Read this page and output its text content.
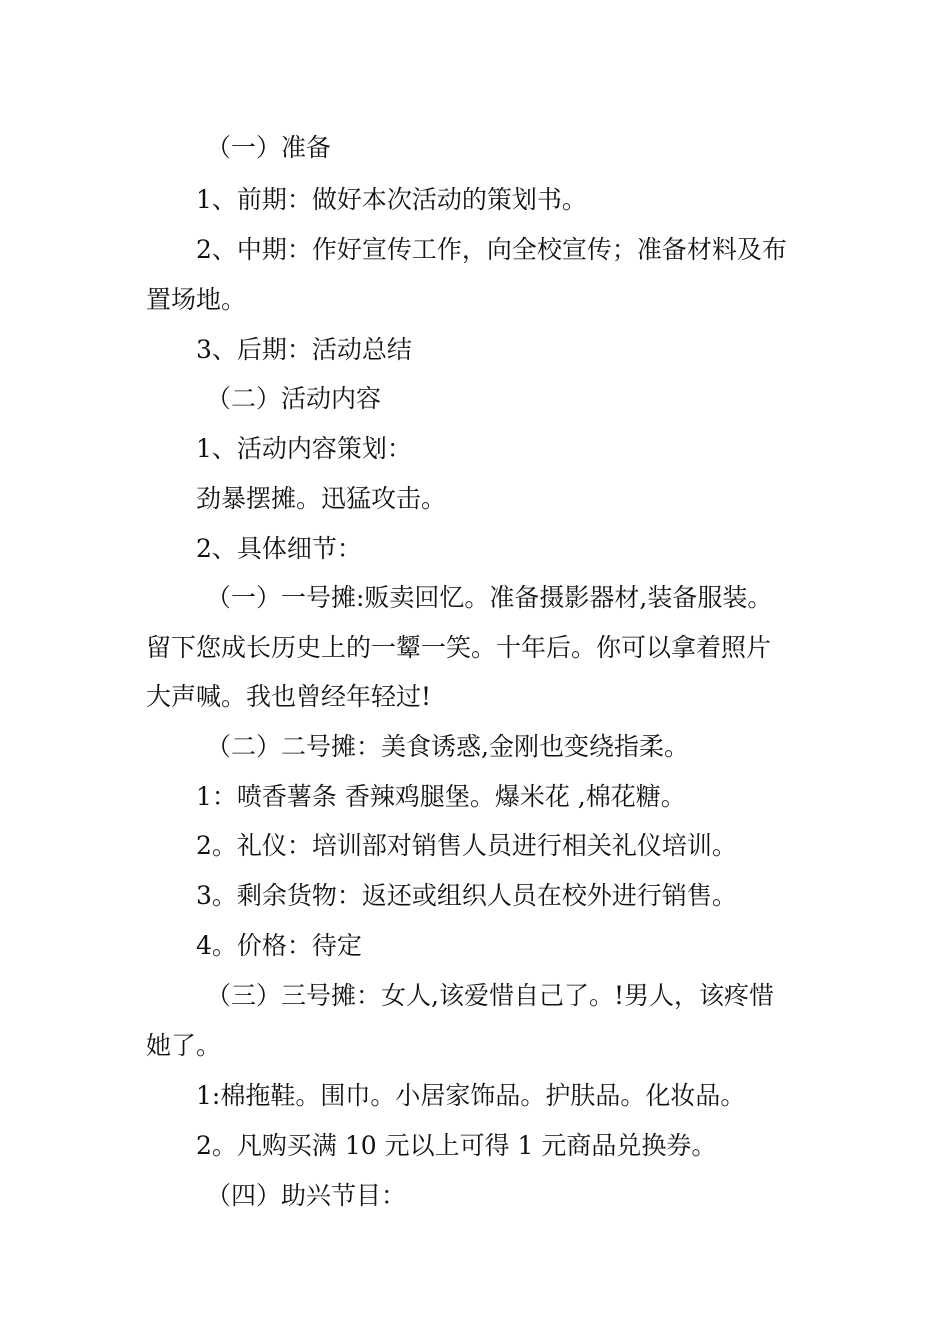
（一）准备

1、前期：做好本次活动的策划书。

2、中期：作好宣传工作，向全校宣传；准备材料及布

置场地。

3、后期：活动总结

（二）活动内容

1、活动内容策划：

劲暴摆摊。迅猛攻击。

2、具体细节：

（一）一号摊:贩卖回忆。准备摄影器材,装备服装。

留下您成长历史上的一颦一笑。十年后。你可以拿着照片

大声喊。我也曾经年轻过!

（二）二号摊：美食诱惑,金刚也变绕指柔。

1：喷香薯条 香辣鸡腿堡。爆米花 ,棉花糖。

2。礼仪：培训部对销售人员进行相关礼仪培训。

3。剩余货物：返还或组织人员在校外进行销售。

4。价格：待定

（三）三号摊：女人,该爱惜自己了。!男人，该疼惜

她了。

1:棉拖鞋。围巾。小居家饰品。护肤品。化妆品。

2。凡购买满 10 元以上可得 1 元商品兑换券。

（四）助兴节目：
